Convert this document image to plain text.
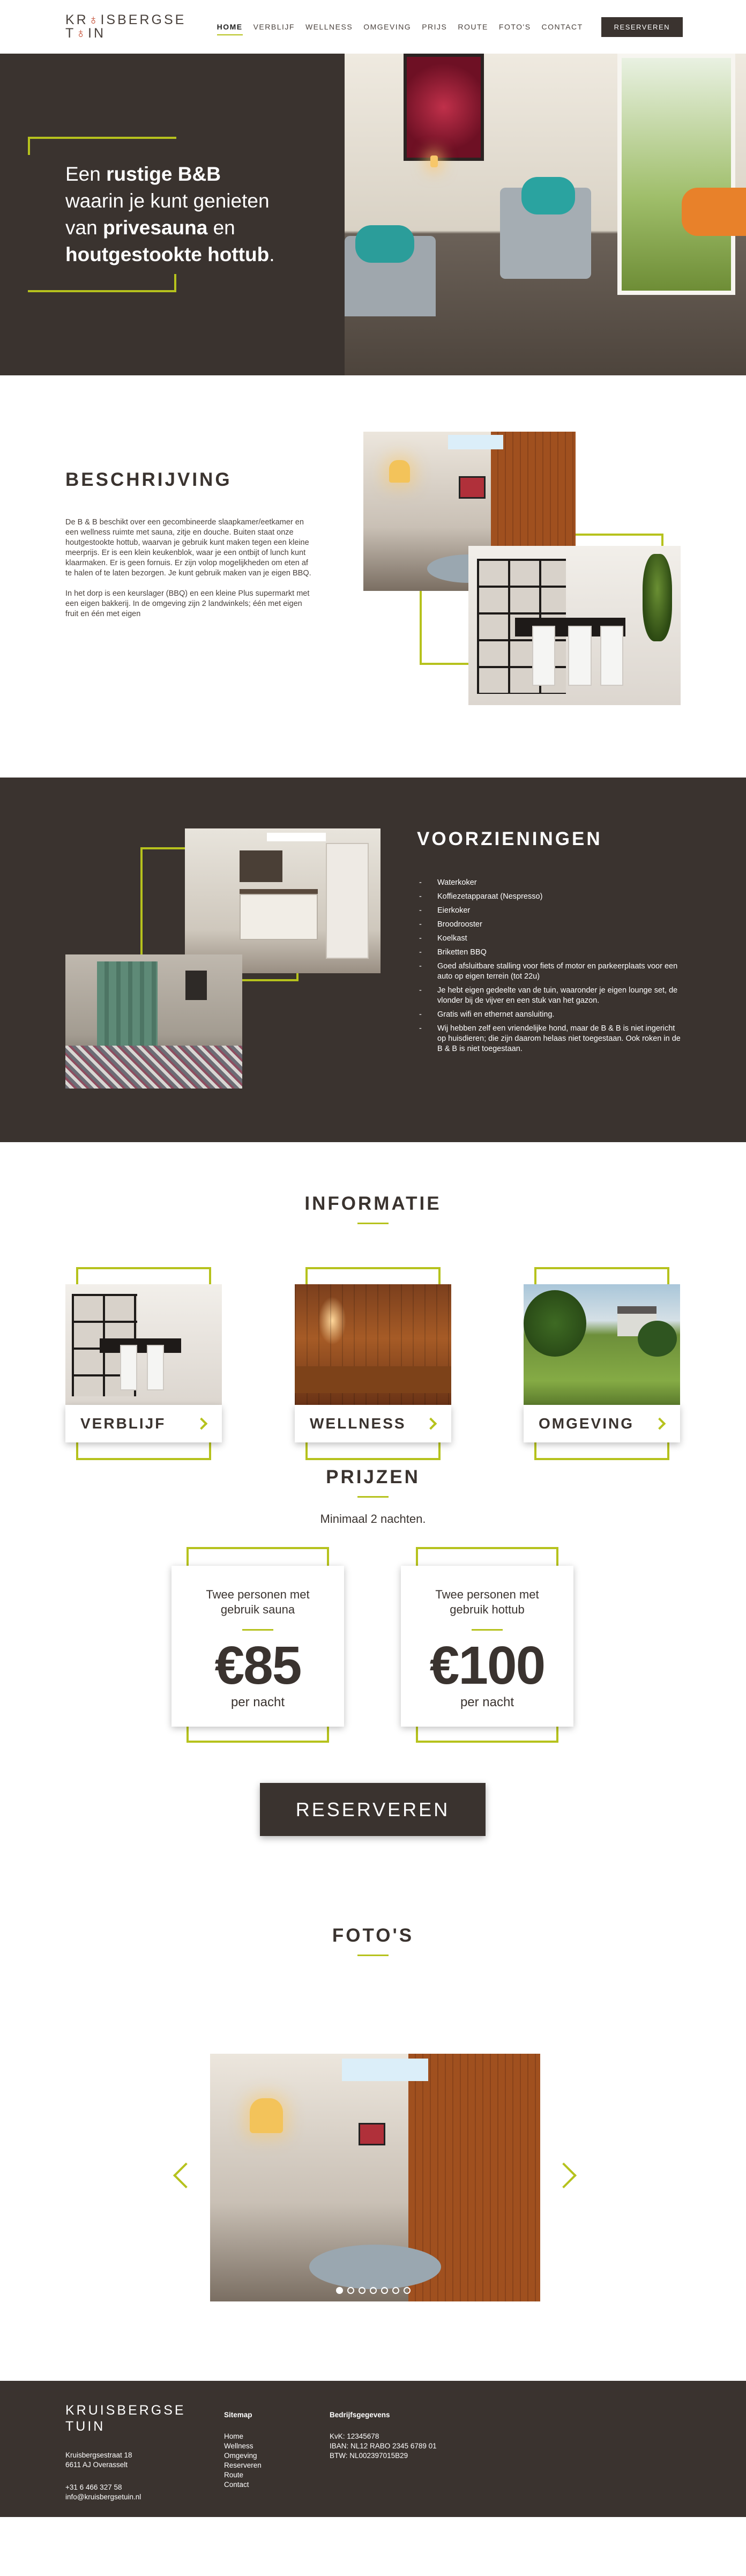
KR♁ISBERGSE
T♁IN	HOME	VERBLIJF	WELLNESS	OMGEVING	PRIJS	ROUTE	FOTO'S	CONTACT	RESERVEREN
Een rustige B&B
waarin je kunt genieten
van privesauna en
houtgestookte hottub.
BESCHRIJVING

De B & B beschikt over een gecombineerde slaapkamer/eetkamer en een wellness ruimte met sauna, zitje en douche. Buiten staat onze houtgestookte hottub, waarvan je gebruik kunt maken tegen een kleine meerprijs. Er is een klein keukenblok, waar je een ontbijt of lunch kunt klaarmaken. Er is geen fornuis. Er zijn volop mogelijkheden om eten af te halen of te laten bezorgen. Je kunt gebruik maken van je eigen BBQ.

In het dorp is een keurslager (BBQ) en een kleine Plus supermarkt met een eigen bakkerij. In de omgeving zijn 2 landwinkels; één met eigen fruit en één met eigen

VOORZIENINGEN
- Waterkoker
- Koffiezetapparaat (Nespresso)
- Eierkoker
- Broodrooster
- Koelkast
- Briketten BBQ
- Goed afsluitbare stalling voor fiets of motor en parkeerplaats voor een auto op eigen terrein (tot 22u)
- Je hebt eigen gedeelte van de tuin, waaronder je eigen lounge set, de vlonder bij de vijver en een stuk van het gazon.
- Gratis wifi en ethernet aansluiting.
- Wij hebben zelf een vriendelijke hond, maar de B & B is niet ingericht op huisdieren; die zijn daarom helaas niet toegestaan. Ook roken in de B & B is niet toegestaan.
INFORMATIE
VERBLIJF	WELLNESS	OMGEVING
PRIJZEN
Minimaal 2 nachten.
Twee personen met gebruik sauna
€85
per nacht
Twee personen met gebruik hottub
€100
per nacht
RESERVEREN
FOTO'S
KRUISBERGSE
TUIN
Kruisbergsestraat 18
6611 AJ Overasselt
+31 6 466 327 58
info@kruisbergsetuin.nl
Sitemap
Home
Wellness
Omgeving
Reserveren
Route
Contact
Bedrijfsgegevens
KvK: 12345678
IBAN: NL12 RABO 2345 6789 01
BTW: NL002397015B29
